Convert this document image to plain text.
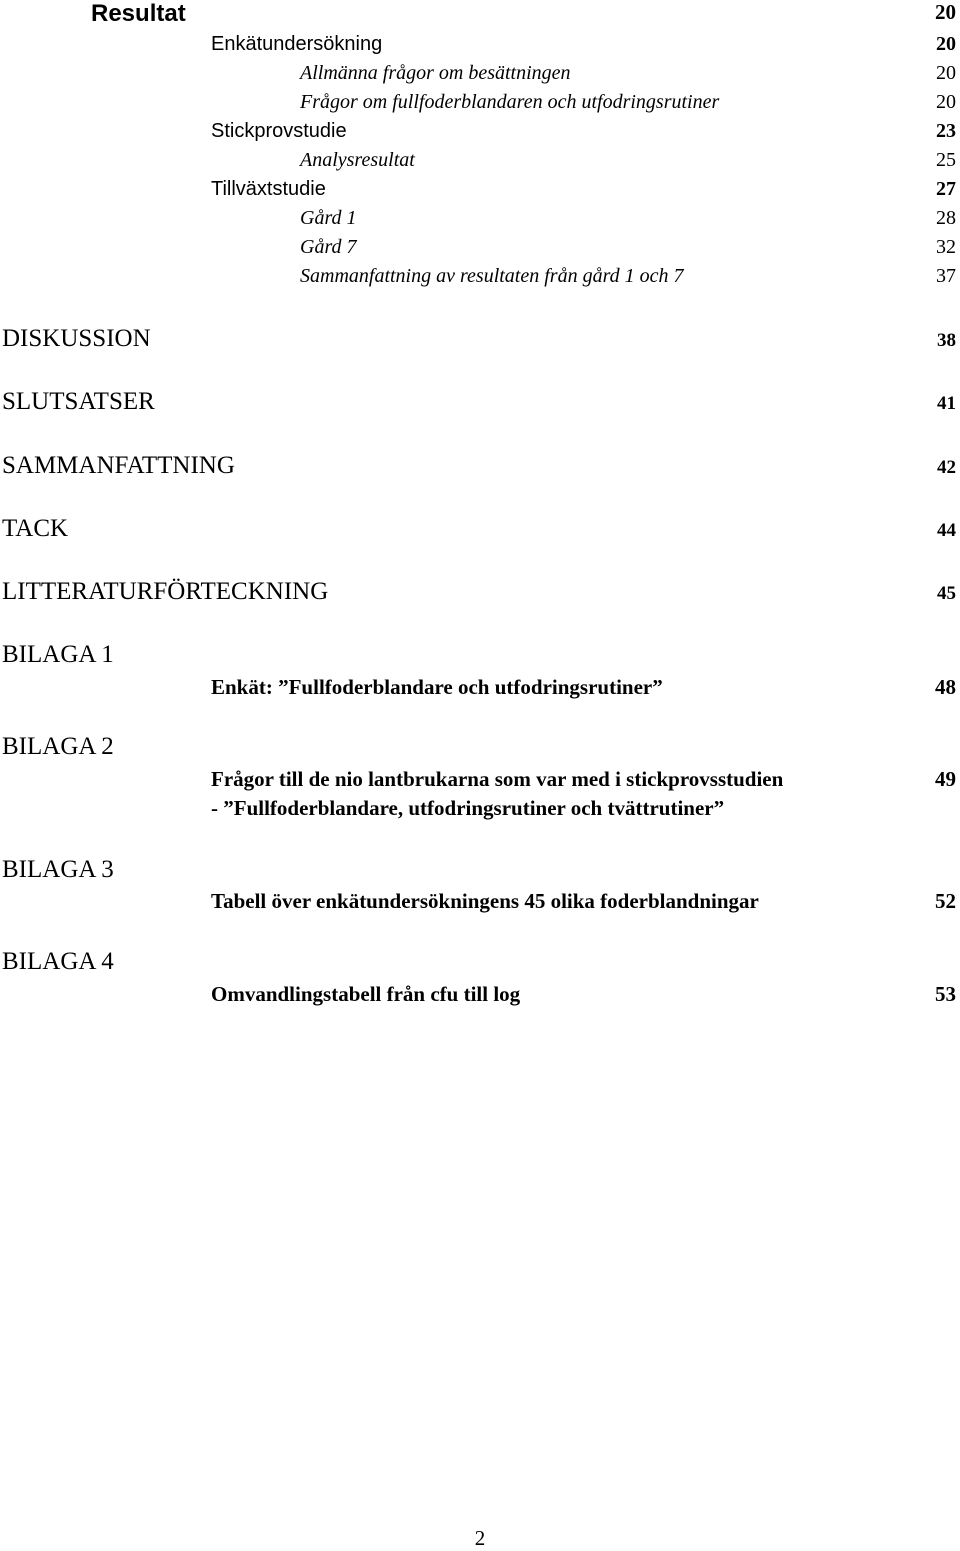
Resultat	20
Enkätundersökning	20
Allmänna frågor om besättningen	20
Frågor om fullfoderblandaren och utfodringsrutiner	20
Stickprovstudie	23
Analysresultat	25
Tillväxtstudie	27
Gård 1	28
Gård 7	32
Sammanfattning av resultaten från gård 1 och 7	37
DISKUSSION	38
SLUTSATSER	41
SAMMANFATTNING	42
TACK	44
LITTERATURFÖRTECKNING	45
BILAGA 1
Enkät: ”Fullfoderblandare och utfodringsrutiner”	48
BILAGA 2
Frågor till de nio lantbrukarna som var med i stickprovsstudien	49
- ”Fullfoderblandare, utfodringsrutiner och tvättrutiner”
BILAGA 3
Tabell över enkätundersökningens 45 olika foderblandningar	52
BILAGA 4
Omvandlingstabell från cfu till log	53
2
